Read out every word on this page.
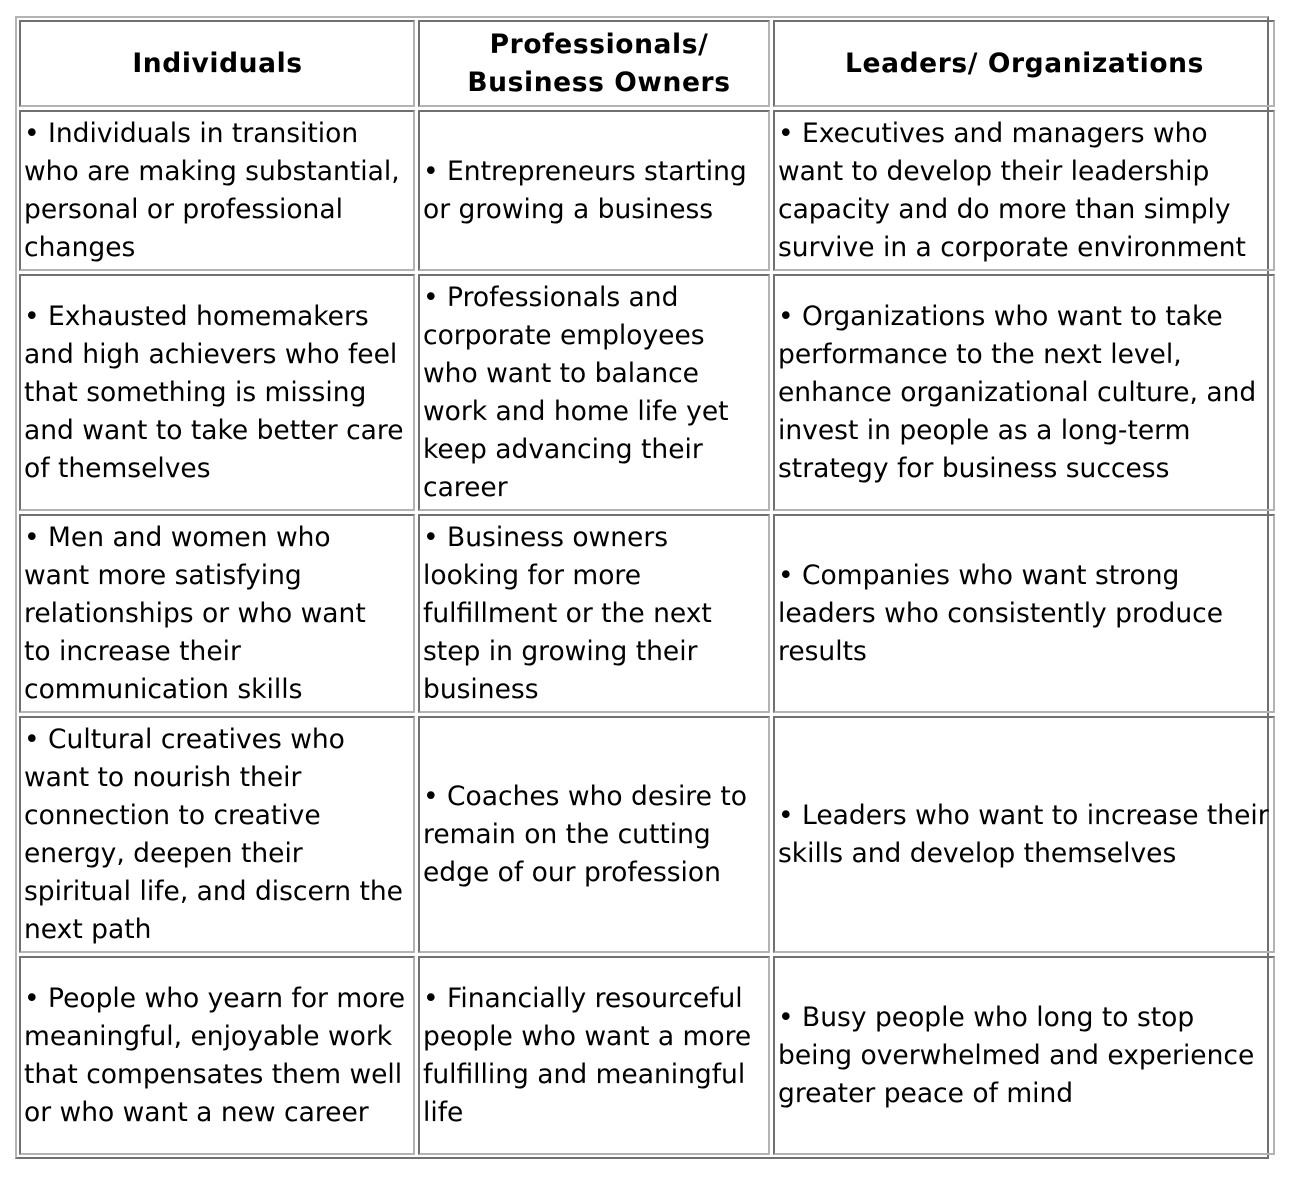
Individuals	Professionals/ Business Owners	Leaders/ Organizations
• Individuals in transition who are making substantial, personal or professional changes	• Entrepreneurs starting or growing a business	• Executives and managers who want to develop their leadership capacity and do more than simply survive in a corporate environment
• Exhausted homemakers and high achievers who feel that something is missing and want to take better care of themselves	• Professionals and corporate employees who want to balance work and home life yet keep advancing their career	• Organizations who want to take performance to the next level, enhance organizational culture, and invest in people as a long-term strategy for business success
• Men and women who want more satisfying relationships or who want to increase their communication skills	• Business owners looking for more fulfillment or the next step in growing their business	• Companies who want strong leaders who consistently produce results
• Cultural creatives who want to nourish their connection to creative energy, deepen their spiritual life, and discern the next path	• Coaches who desire to remain on the cutting edge of our profession	• Leaders who want to increase their skills and develop themselves
• People who yearn for more meaningful, enjoyable work that compensates them well or who want a new career	• Financially resourceful people who want a more fulfilling and meaningful life	• Busy people who long to stop being overwhelmed and experience greater peace of mind
